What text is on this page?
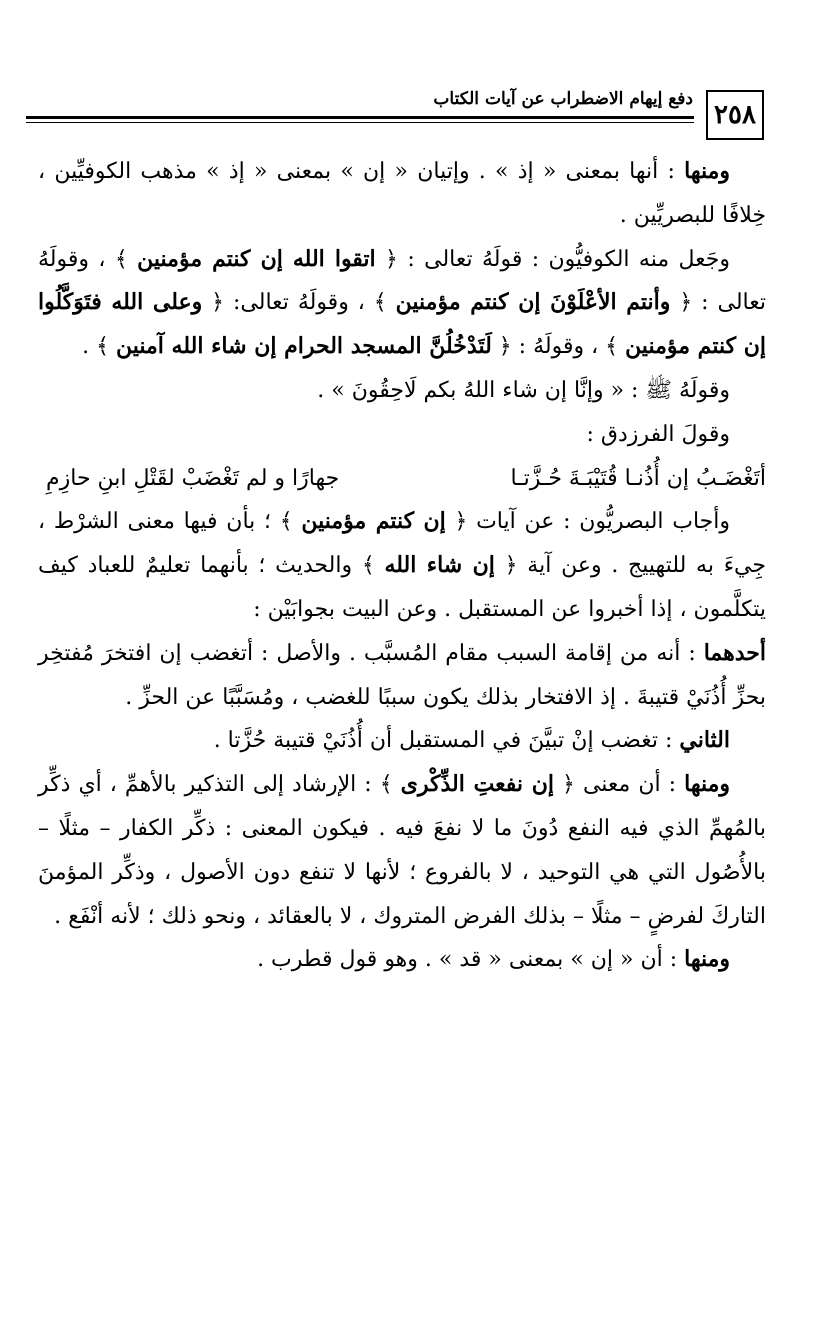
٢٥٨
دفع إيهام الاضطراب عن آيات الكتاب

ومنها : أنها بمعنى « إذ » . وإتيان « إن » بمعنى « إذ » مذهب الكوفيِّين ، خِلافًا للبصريِّين .

وجَعل منه الكوفيُّون : قولَهُ تعالى : ﴿ اتقوا الله إن كنتم مؤمنين ﴾ ، وقولَهُ تعالى : ﴿ وأنتم الأعْلَوْنَ إن كنتم مؤمنين ﴾ ، وقولَهُ تعالى: ﴿ وعلى الله فتَوَكَّلُوا إن كنتم مؤمنين ﴾ ، وقولَهُ : ﴿ لَتَدْخُلُنَّ المسجد الحرام إن شاء الله آمنين ﴾ .

وقولَهُ ﷺ : « وإنَّا إن شاء اللهُ بكم لَاحِقُونَ » .

وقولَ الفرزدق :

أتَغْضَـبُ إن أُذُنـا قُتَيْبَـةَ حُـزَّتـا
جهارًا و لم تَغْضَبْ لقَتْلِ ابنِ حازِمِ

وأجاب البصريُّون : عن آيات ﴿ إن كنتم مؤمنين ﴾ ؛ بأن فيها معنى الشرْط ، جِيءَ به للتهييج . وعن آية ﴿ إن شاء الله ﴾ والحديث ؛ بأنهما تعليمٌ للعباد كيف يتكلَّمون ، إذا أخبروا عن المستقبل . وعن البيت بجوابَيْن :

أحدهما : أنه من إقامة السبب مقام المُسبَّب . والأصل : أتغضب إن افتخرَ مُفتخِر بحزِّ أُذُنَيْ قتيبةَ . إذ الافتخار بذلك يكون سببًا للغضب ، ومُسَبَّبًا عن الحزِّ .

الثاني : تغضب إنْ تبيَّنَ في المستقبل أن أُذُنَيْ قتيبة حُزَّتا .

ومنها : أن معنى ﴿ إن نفعتِ الذِّكْرى ﴾ : الإرشاد إلى التذكير بالأهمِّ ، أي ذكِّر بالمُهمِّ الذي فيه النفع دُونَ ما لا نفعَ فيه . فيكون المعنى : ذكِّر الكفار – مثلًا – بالأُصُول التي هي التوحيد ، لا بالفروع ؛ لأنها لا تنفع دون الأصول ، وذكِّر المؤمنَ التاركَ لفرضٍ – مثلًا – بذلك الفرض المتروك ، لا بالعقائد ، ونحو ذلك ؛ لأنه أنْفَع .

ومنها : أن « إن » بمعنى « قد » . وهو قول قطرب .
